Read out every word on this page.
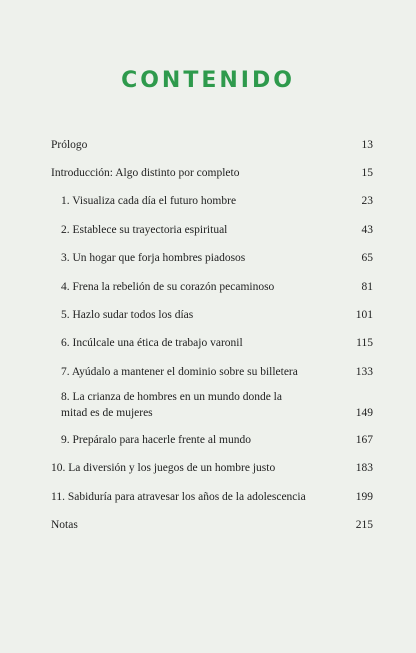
CONTENIDO
Prólogo	13
Introducción: Algo distinto por completo	15
1. Visualiza cada día el futuro hombre	23
2. Establece su trayectoria espiritual	43
3. Un hogar que forja hombres piadosos	65
4. Frena la rebelión de su corazón pecaminoso	81
5. Hazlo sudar todos los días	101
6. Incúlcale una ética de trabajo varonil	115
7. Ayúdalo a mantener el dominio sobre su billetera	133
8. La crianza de hombres en un mundo donde la mitad es de mujeres	149
9. Prepáralo para hacerle frente al mundo	167
10. La diversión y los juegos de un hombre justo	183
11. Sabiduría para atravesar los años de la adolescencia	199
Notas	215
